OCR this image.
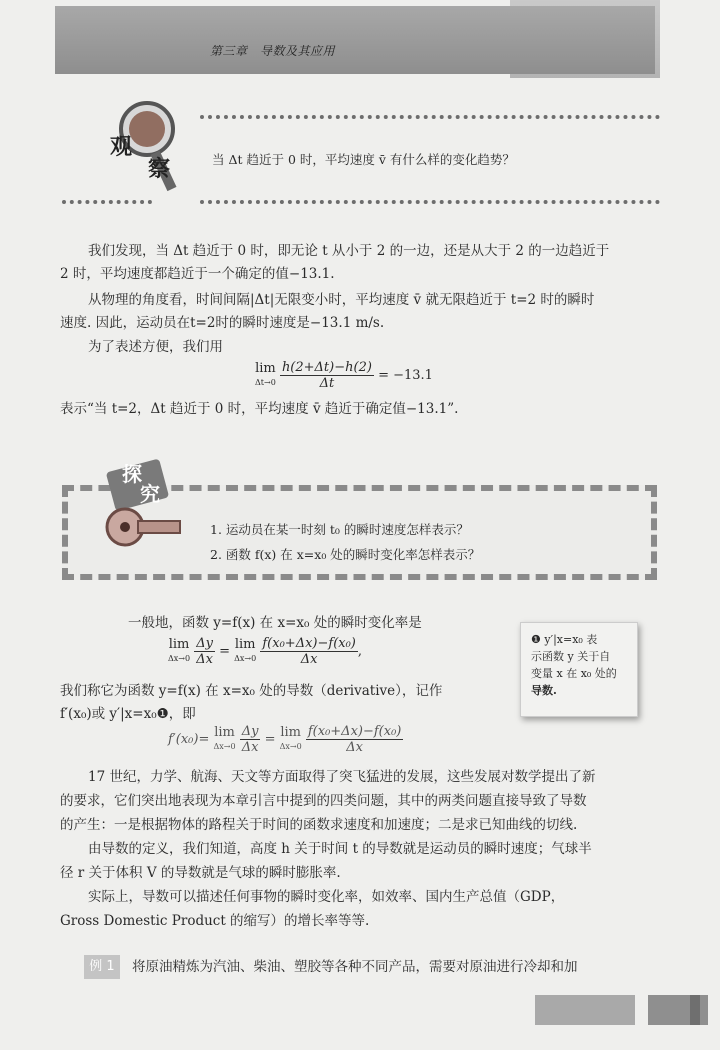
第三章　导数及其应用
观
察	当 Δt 趋近于 0 时，平均速度 v̄ 有什么样的变化趋势？
我们发现，当 Δt 趋近于 0 时，即无论 t 从小于 2 的一边，还是从大于 2 的一边趋近于
2 时，平均速度都趋近于一个确定的值−13.1.
从物理的角度看，时间间隔|Δt|无限变小时，平均速度 v̄ 就无限趋近于 t=2 时的瞬时
速度. 因此，运动员在t=2时的瞬时速度是−13.1 m/s.
为了表述方便，我们用
lim
Δt→0
$\frac{h(2+\Delta t)-h(2)}{\Delta t} = -13.1$
表示“当 t=2，Δt 趋近于 0 时，平均速度 v̄ 趋近于确定值−13.1”.
探
究
1. 运动员在某一时刻 t₀ 的瞬时速度怎样表示？
2. 函数 f(x) 在 x=x₀ 处的瞬时变化率怎样表示？
一般地，函数 y=f(x) 在 x=x₀ 处的瞬时变化率是
lim
Δx→0
$\frac{\Delta y}{\Delta x} = \lim$
Δx→0
$\frac{\text{f(x₀+Δx)−f(x₀)}}{\Delta x}$ ,
我们称它为函数 y=f(x) 在 x=x₀ 处的导数（derivative），记作
f′(x₀)或 y′|x=x₀❶，即
f′(x₀)= lim
Δx→0
$\frac{\Delta y}{\Delta x} = \lim$
Δx→0
$\frac{\text{f(x₀+Δx)−f(x₀)}}{\Delta x}$
❶ y′|x=x₀ 表
示函数 y 关于自
变量 x 在 x₀ 处的
导数.
17 世纪，力学、航海、天文等方面取得了突飞猛进的发展，这些发展对数学提出了新
的要求，它们突出地表现为本章引言中提到的四类问题，其中的两类问题直接导致了导数
的产生：一是根据物体的路程关于时间的函数求速度和加速度；二是求已知曲线的切线.
由导数的定义，我们知道，高度 h 关于时间 t 的导数就是运动员的瞬时速度；气球半
径 r 关于体积 V 的导数就是气球的瞬时膨胀率.
实际上，导数可以描述任何事物的瞬时变化率，如效率、国内生产总值（GDP，
Gross Domestic Product 的缩写）的增长率等等.
例 1	将原油精炼为汽油、柴油、塑胶等各种不同产品，需要对原油进行冷却和加
